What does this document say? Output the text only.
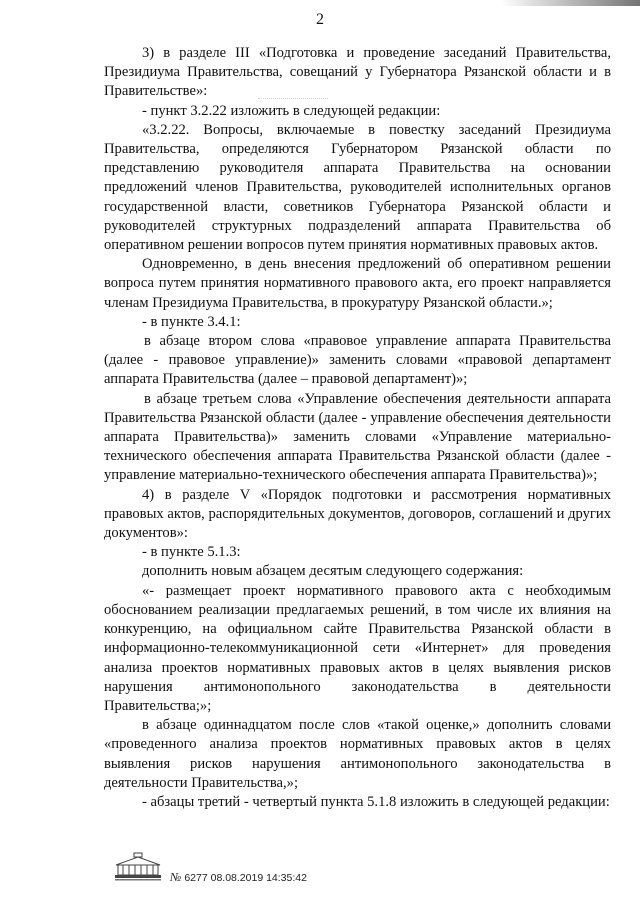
2

3) в разделе III «Подготовка и проведение заседаний Правительства, Президиума Правительства, совещаний у Губернатора Рязанской области и в Правительстве»:

- пункт 3.2.22 изложить в следующей редакции:

«3.2.22. Вопросы, включаемые в повестку заседаний Президиума Правительства, определяются Губернатором Рязанской области по представлению руководителя аппарата Правительства на основании предложений членов Правительства, руководителей исполнительных органов государственной власти, советников Губернатора Рязанской области и руководителей структурных подразделений аппарата Правительства об оперативном решении вопросов путем принятия нормативных правовых актов.

Одновременно, в день внесения предложений об оперативном решении вопроса путем принятия нормативного правового акта, его проект направляется членам Президиума Правительства, в прокуратуру Рязанской области.»;

- в пункте 3.4.1:

в абзаце втором слова «правовое управление аппарата Правительства (далее - правовое управление)» заменить словами «правовой департамент аппарата Правительства (далее – правовой департамент)»;

в абзаце третьем слова «Управление обеспечения деятельности аппарата Правительства Рязанской области (далее - управление обеспечения деятельности аппарата Правительства)» заменить словами «Управление материально-технического обеспечения аппарата Правительства Рязанской области (далее - управление материально-технического обеспечения аппарата Правительства)»;

4) в разделе V «Порядок подготовки и рассмотрения нормативных правовых актов, распорядительных документов, договоров, соглашений и других документов»:

- в пункте 5.1.3:

дополнить новым абзацем десятым следующего содержания:

«- размещает проект нормативного правового акта с необходимым обоснованием реализации предлагаемых решений, в том числе их влияния на конкуренцию, на официальном сайте Правительства Рязанской области в информационно-телекоммуникационной сети «Интернет» для проведения анализа проектов нормативных правовых актов в целях выявления рисков нарушения антимонопольного законодательства в деятельности Правительства;»;

в абзаце одиннадцатом после слов «такой оценке,» дополнить словами «проведенного анализа проектов нормативных правовых актов в целях выявления рисков нарушения антимонопольного законодательства в деятельности Правительства,»;

- абзацы третий - четвертый пункта 5.1.8 изложить в следующей редакции:

№ 6277 08.08.2019 14:35:42
